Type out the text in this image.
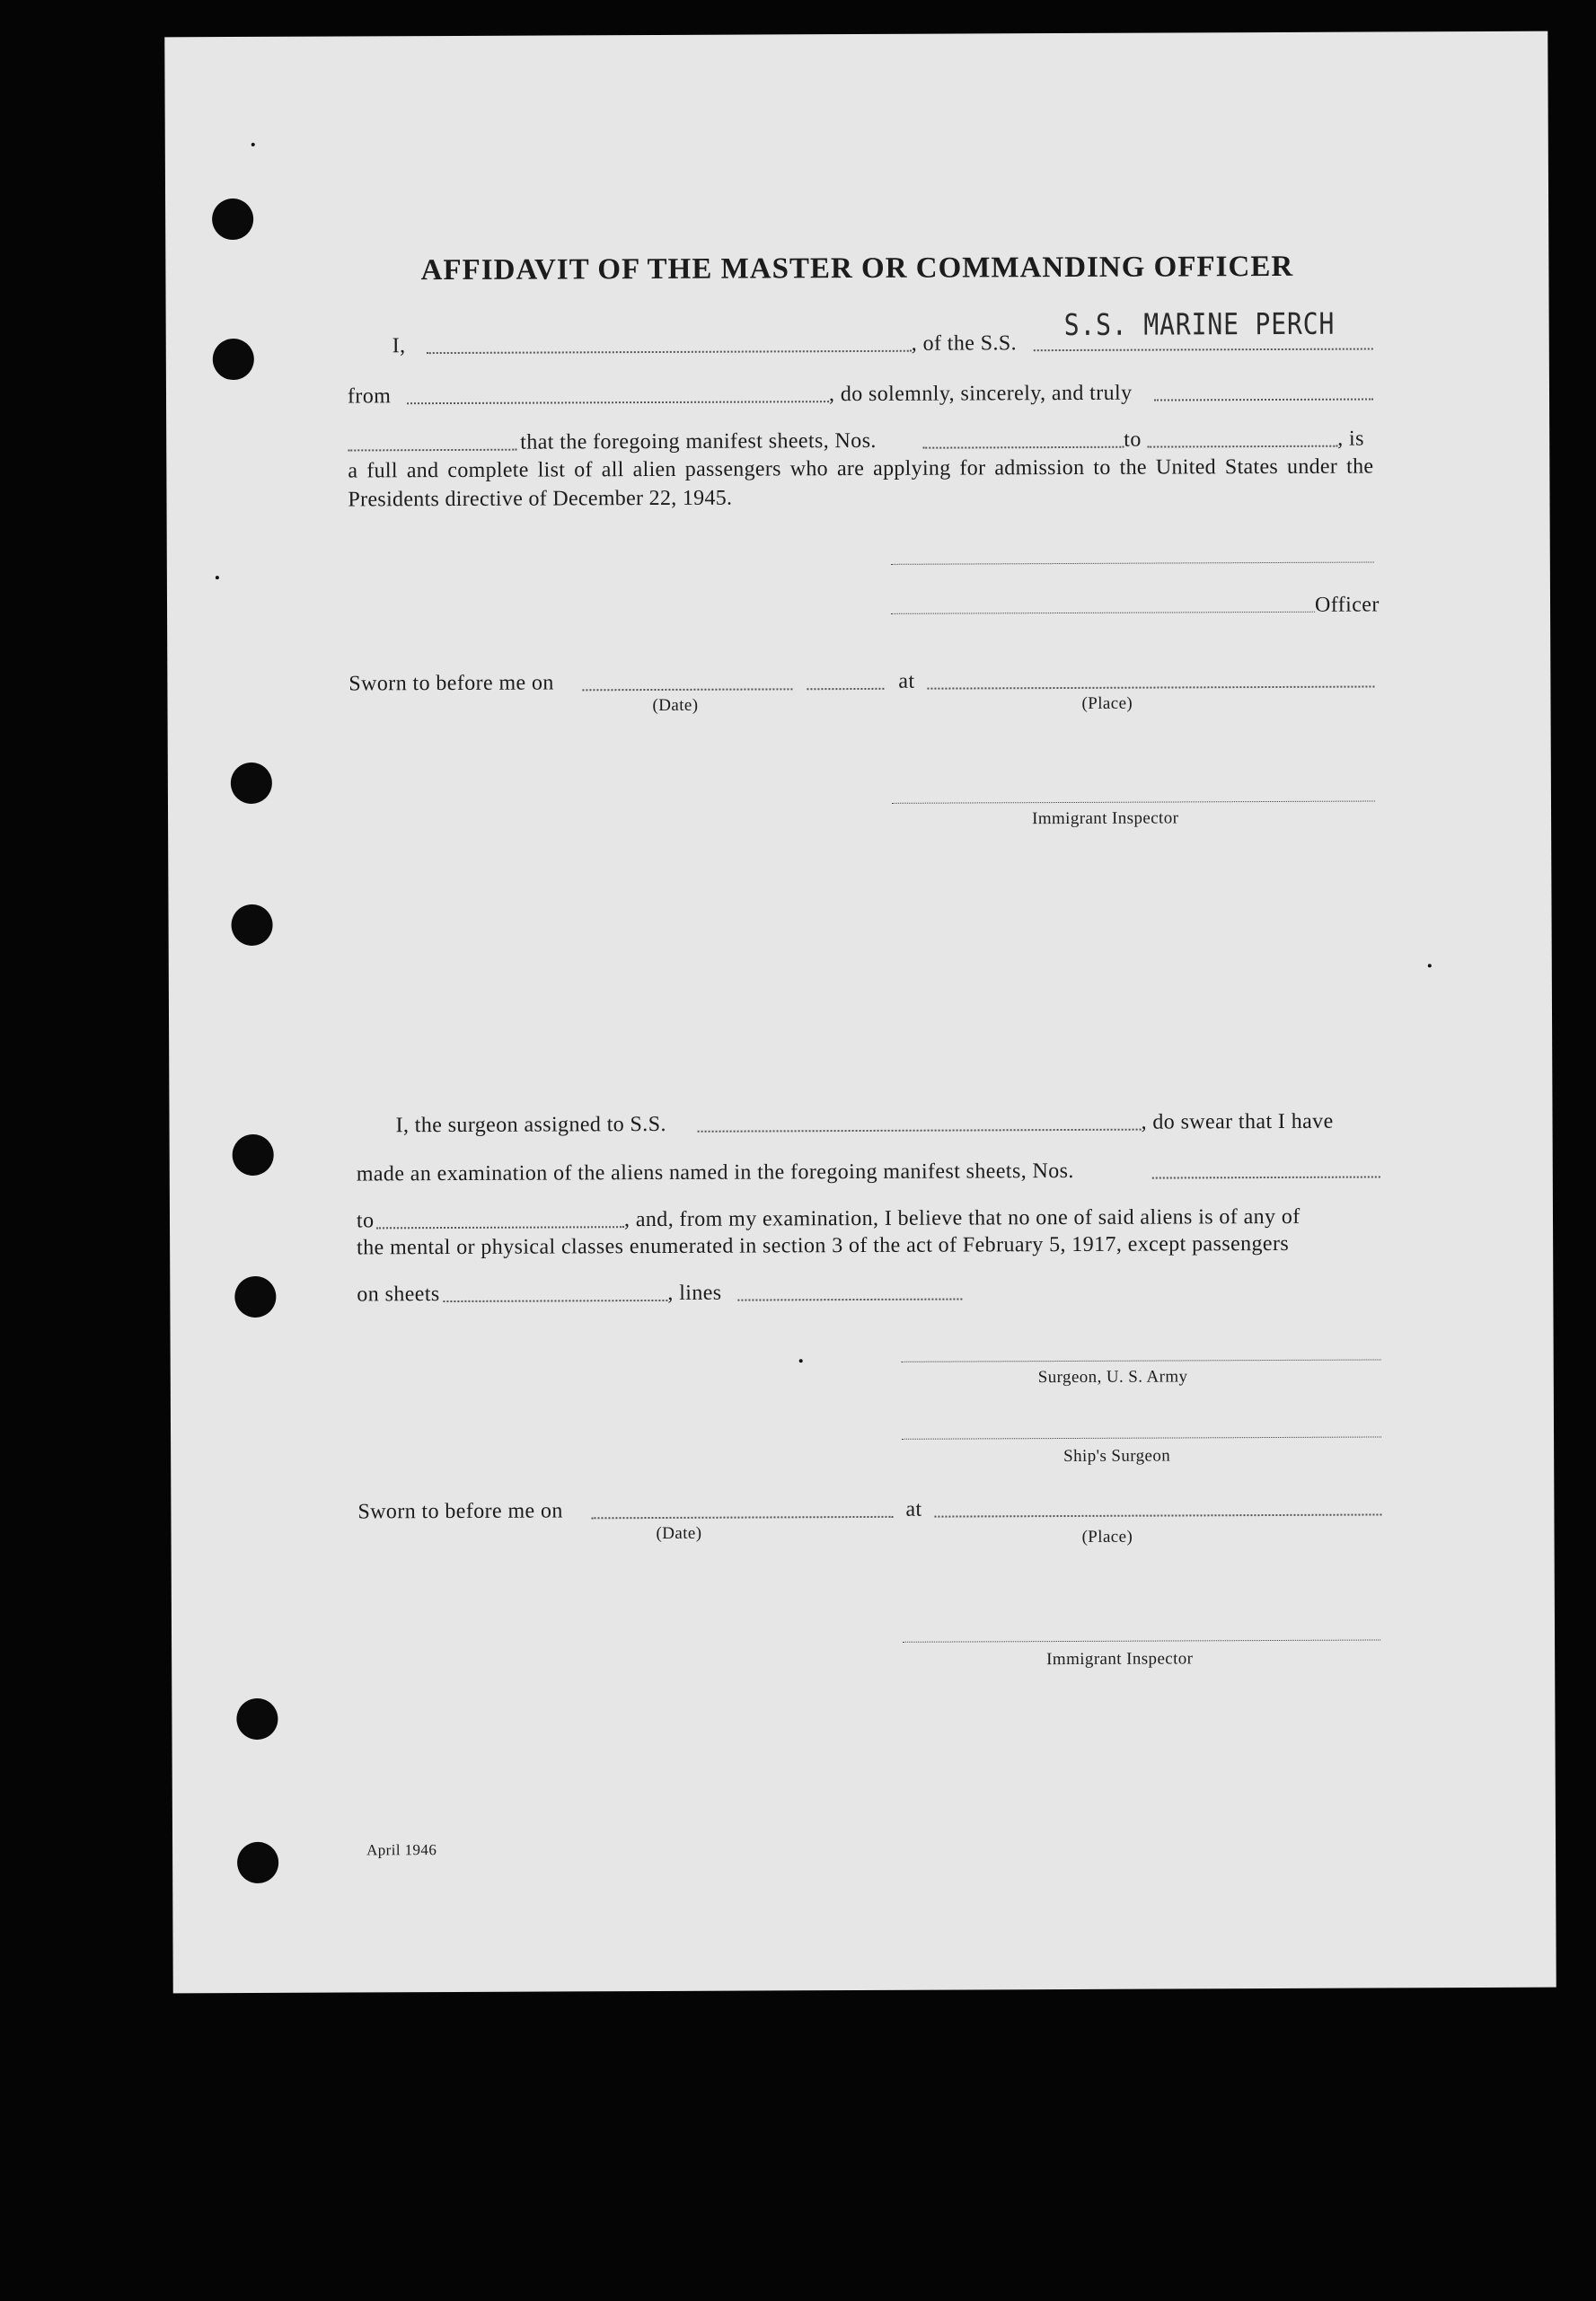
AFFIDAVIT OF THE MASTER OR COMMANDING OFFICER
I,	, of the S.S.
S.S. MARINE PERCH
from	, do solemnly, sincerely, and truly
that the foregoing manifest sheets, Nos.	to	, is
a full and complete list of all alien passengers who are applying for admission to the United States under the Presidents directive of December 22, 1945.
Officer
Sworn to before me on	at
(Date)	(Place)
Immigrant Inspector
I, the surgeon assigned to S.S.	, do swear that I have
made an examination of the aliens named in the foregoing manifest sheets, Nos.
to	, and, from my examination, I believe that no one of said aliens is of any of
the mental or physical classes enumerated in section 3 of the act of February 5, 1917, except passengers
on sheets	, lines
Surgeon, U. S. Army
Ship's Surgeon
Sworn to before me on	at
(Date)	(Place)
Immigrant Inspector
April 1946
